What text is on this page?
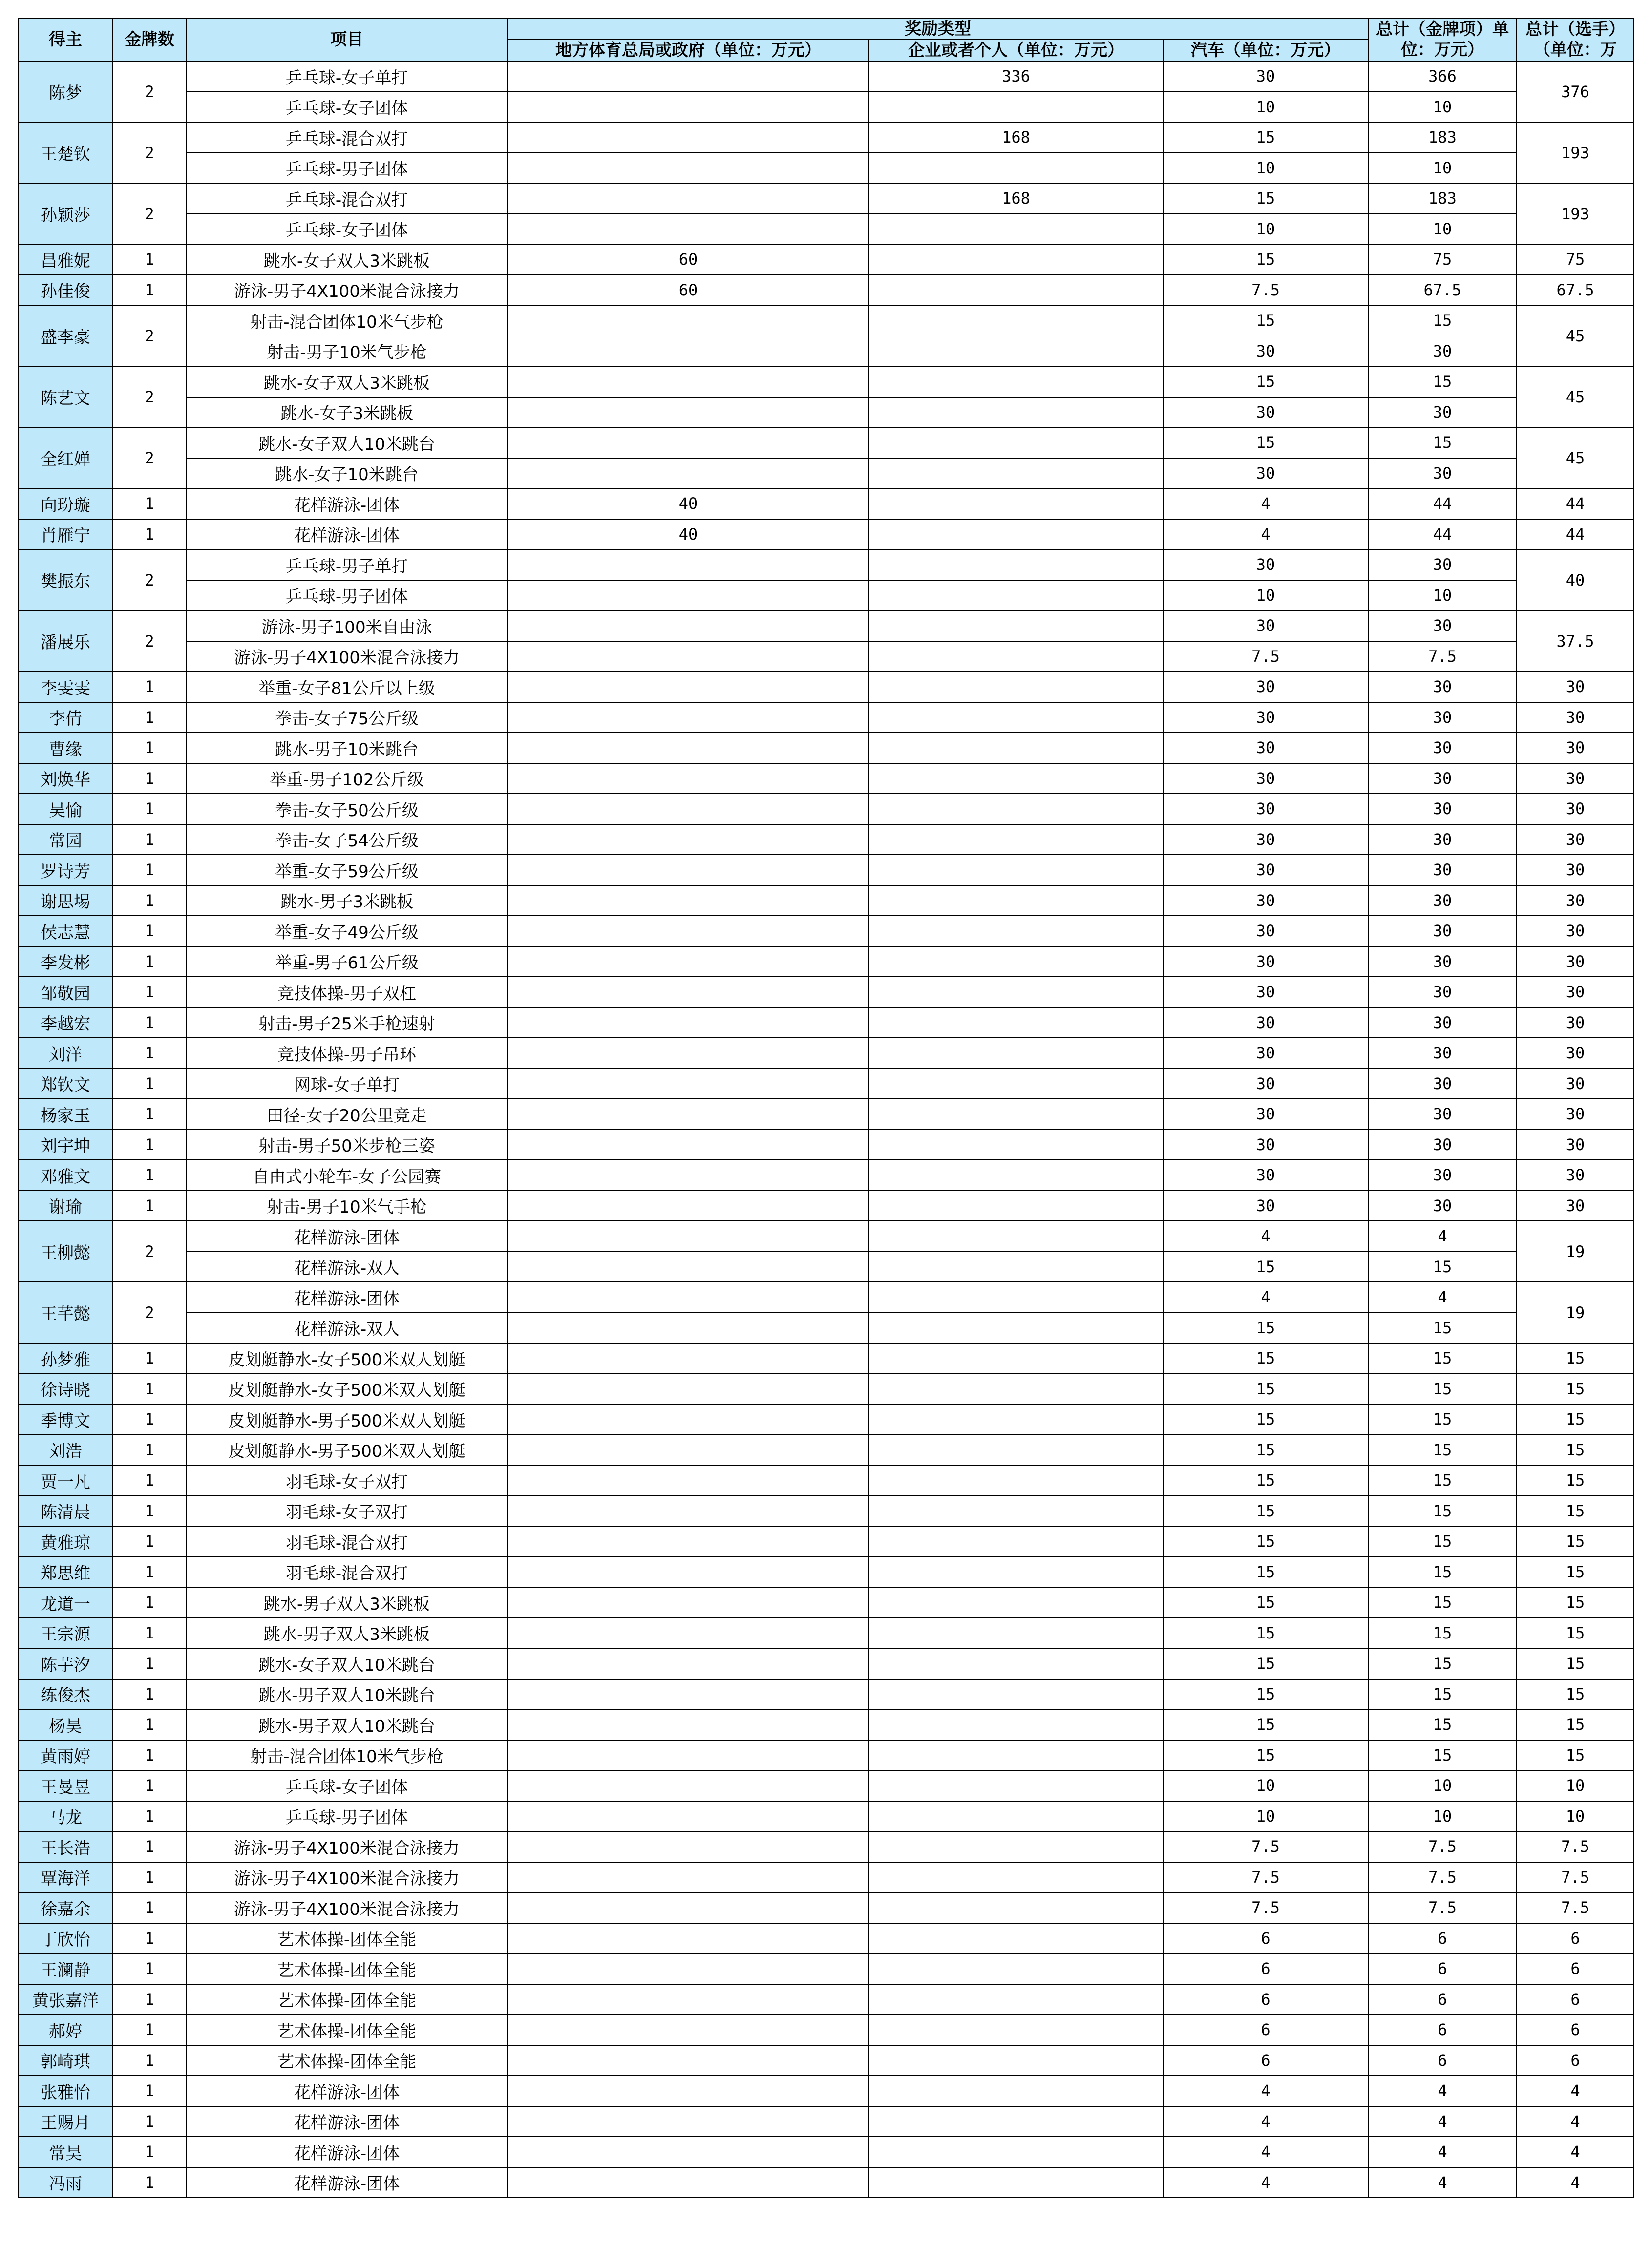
得主	金牌数	项目	奖励类型			总计（金牌项）单位：万元）	总计（选手）（单位：万
			地方体育总局或政府（单位：万元）	企业或者个人（单位：万元）	汽车（单位：万元）		
陈梦	2	乒乓球-女子单打		336	30	366	376
		乒乓球-女子团体			10	10	
王楚钦	2	乒乓球-混合双打		168	15	183	193
		乒乓球-男子团体			10	10	
孙颖莎	2	乒乓球-混合双打		168	15	183	193
		乒乓球-女子团体			10	10	
昌雅妮	1	跳水-女子双人3米跳板	60		15	75	75
孙佳俊	1	游泳-男子4X100米混合泳接力	60		7.5	67.5	67.5
盛李豪	2	射击-混合团体10米气步枪			15	15	45
		射击-男子10米气步枪			30	30	
陈艺文	2	跳水-女子双人3米跳板			15	15	45
		跳水-女子3米跳板			30	30	
全红婵	2	跳水-女子双人10米跳台			15	15	45
		跳水-女子10米跳台			30	30	
向玢璇	1	花样游泳-团体	40		4	44	44
肖雁宁	1	花样游泳-团体	40		4	44	44
樊振东	2	乒乓球-男子单打			30	30	40
		乒乓球-男子团体			10	10	
潘展乐	2	游泳-男子100米自由泳			30	30	37.5
		游泳-男子4X100米混合泳接力			7.5	7.5	
李雯雯	1	举重-女子81公斤以上级			30	30	30
李倩	1	拳击-女子75公斤级			30	30	30
曹缘	1	跳水-男子10米跳台			30	30	30
刘焕华	1	举重-男子102公斤级			30	30	30
吴愉	1	拳击-女子50公斤级			30	30	30
常园	1	拳击-女子54公斤级			30	30	30
罗诗芳	1	举重-女子59公斤级			30	30	30
谢思埸	1	跳水-男子3米跳板			30	30	30
侯志慧	1	举重-女子49公斤级			30	30	30
李发彬	1	举重-男子61公斤级			30	30	30
邹敬园	1	竞技体操-男子双杠			30	30	30
李越宏	1	射击-男子25米手枪速射			30	30	30
刘洋	1	竞技体操-男子吊环			30	30	30
郑钦文	1	网球-女子单打			30	30	30
杨家玉	1	田径-女子20公里竞走			30	30	30
刘宇坤	1	射击-男子50米步枪三姿			30	30	30
邓雅文	1	自由式小轮车-女子公园赛			30	30	30
谢瑜	1	射击-男子10米气手枪			30	30	30
王柳懿	2	花样游泳-团体			4	4	19
		花样游泳-双人			15	15	
王芊懿	2	花样游泳-团体			4	4	19
		花样游泳-双人			15	15	
孙梦雅	1	皮划艇静水-女子500米双人划艇			15	15	15
徐诗晓	1	皮划艇静水-女子500米双人划艇			15	15	15
季博文	1	皮划艇静水-男子500米双人划艇			15	15	15
刘浩	1	皮划艇静水-男子500米双人划艇			15	15	15
贾一凡	1	羽毛球-女子双打			15	15	15
陈清晨	1	羽毛球-女子双打			15	15	15
黄雅琼	1	羽毛球-混合双打			15	15	15
郑思维	1	羽毛球-混合双打			15	15	15
龙道一	1	跳水-男子双人3米跳板			15	15	15
王宗源	1	跳水-男子双人3米跳板			15	15	15
陈芋汐	1	跳水-女子双人10米跳台			15	15	15
练俊杰	1	跳水-男子双人10米跳台			15	15	15
杨昊	1	跳水-男子双人10米跳台			15	15	15
黄雨婷	1	射击-混合团体10米气步枪			15	15	15
王曼昱	1	乒乓球-女子团体			10	10	10
马龙	1	乒乓球-男子团体			10	10	10
王长浩	1	游泳-男子4X100米混合泳接力			7.5	7.5	7.5
覃海洋	1	游泳-男子4X100米混合泳接力			7.5	7.5	7.5
徐嘉余	1	游泳-男子4X100米混合泳接力			7.5	7.5	7.5
丁欣怡	1	艺术体操-团体全能			6	6	6
王澜静	1	艺术体操-团体全能			6	6	6
黄张嘉洋	1	艺术体操-团体全能			6	6	6
郝婷	1	艺术体操-团体全能			6	6	6
郭崎琪	1	艺术体操-团体全能			6	6	6
张雅怡	1	花样游泳-团体			4	4	4
王赐月	1	花样游泳-团体			4	4	4
常昊	1	花样游泳-团体			4	4	4
冯雨	1	花样游泳-团体			4	4	4
